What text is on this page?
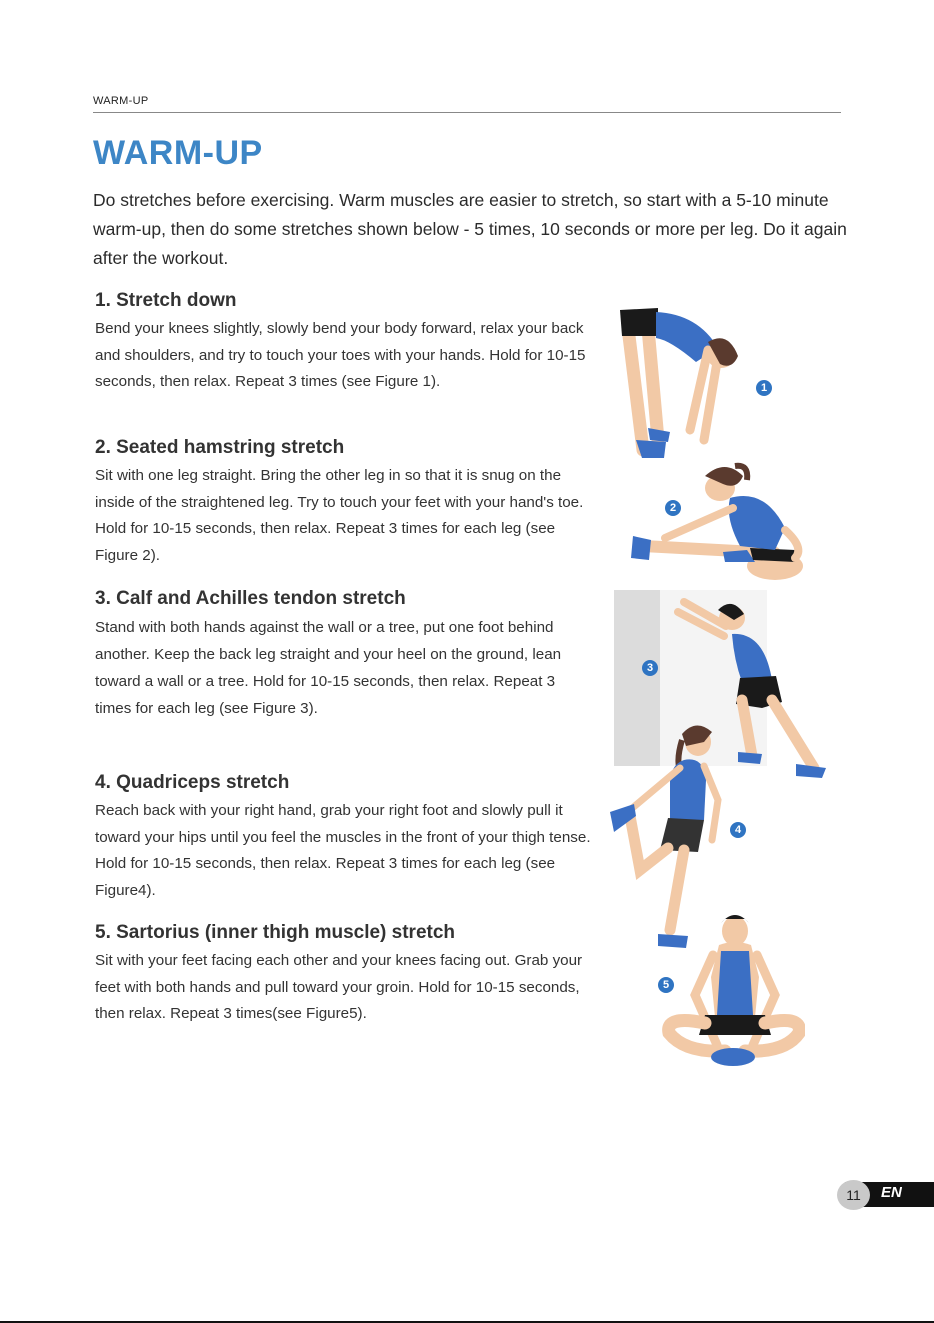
WARM-UP
WARM-UP

Do stretches before exercising. Warm muscles are easier to stretch, so start with a 5-10 minute warm-up, then do some stretches shown below - 5 times, 10 seconds or more per leg. Do it again after the workout.

1. Stretch down

Bend your knees slightly, slowly bend your body forward, relax your back and shoulders, and try to touch your toes with your hands. Hold for 10-15 seconds, then relax. Repeat 3 times (see Figure 1).

2. Seated hamstring stretch

Sit with one leg straight. Bring the other leg in so that it is snug on the inside of the straightened leg. Try to touch your feet with your hand's toe. Hold for 10-15 seconds, then relax. Repeat 3 times for each leg (see Figure 2).

3. Calf and Achilles tendon stretch

Stand with both hands against the wall or a tree, put one foot behind another. Keep the back leg straight and your heel on the ground, lean toward a wall or a tree. Hold for 10-15 seconds, then relax. Repeat 3 times for each leg (see Figure 3).

4. Quadriceps stretch

Reach back with your right hand, grab your right foot and slowly pull it toward your hips until you feel the muscles in the front of your thigh tense. Hold for 10-15 seconds, then relax. Repeat 3 times for each leg (see Figure4).

5. Sartorius (inner thigh muscle) stretch

Sit with your feet facing each other and your knees facing out. Grab your feet with both hands and pull toward your groin. Hold for 10-15 seconds, then relax. Repeat 3 times(see Figure5).

1
2
3
4
5
11	EN
